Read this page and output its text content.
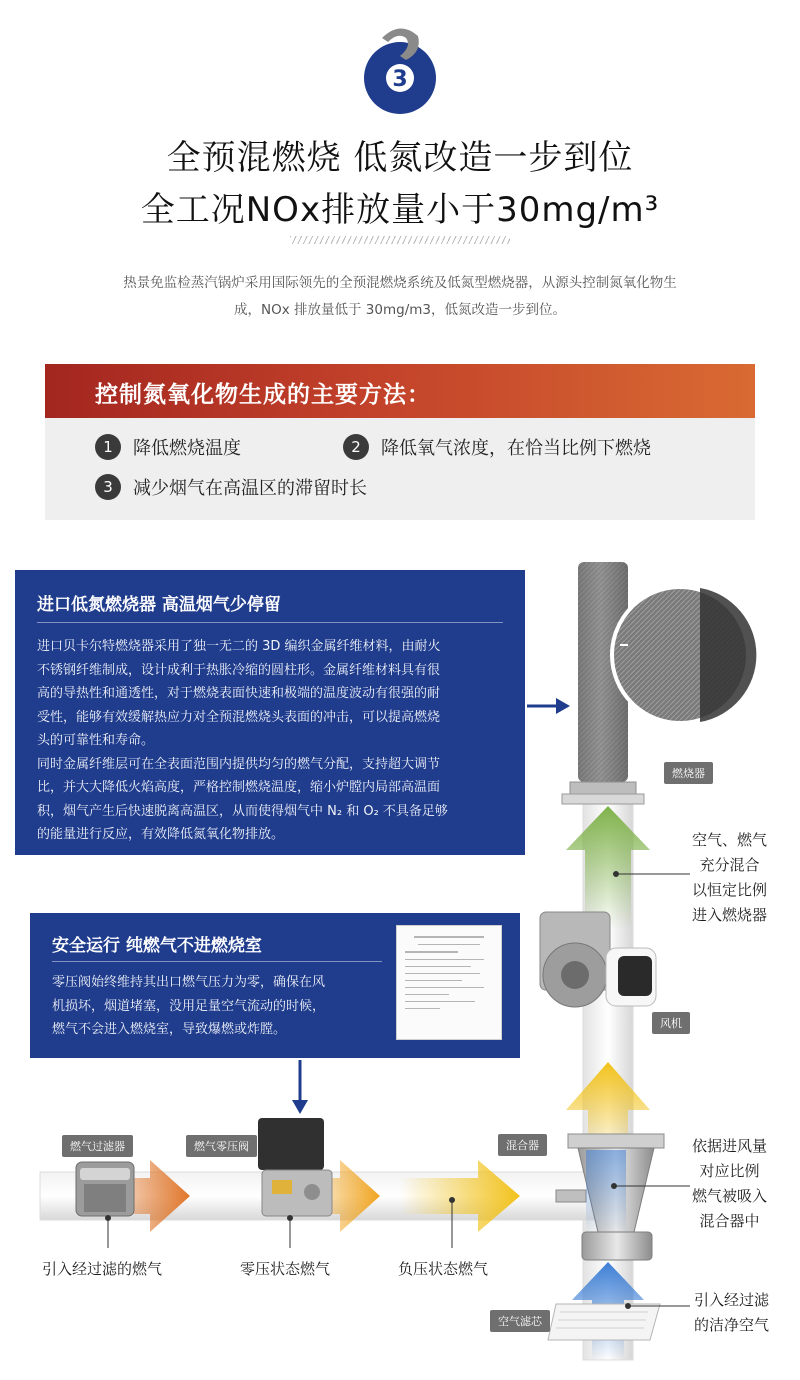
3
全预混燃烧 低氮改造一步到位
全工况NOx排放量小于30mg/m³
热景免监检蒸汽锅炉采用国际领先的全预混燃烧系统及低氮型燃烧器，从源头控制氮氧化物生
成，NOx 排放量低于 30mg/m3，低氮改造一步到位。
控制氮氧化物生成的主要方法：
1	降低燃烧温度	2	降低氧气浓度，在恰当比例下燃烧
3	减少烟气在高温区的滞留时长
进口低氮燃烧器 高温烟气少停留
进口贝卡尔特燃烧器采用了独一无二的 3D 编织金属纤维材料，由耐火
不锈钢纤维制成，设计成利于热胀冷缩的圆柱形。金属纤维材料具有很
高的导热性和通透性，对于燃烧表面快速和极端的温度波动有很强的耐
受性，能够有效缓解热应力对全预混燃烧头表面的冲击，可以提高燃烧
头的可靠性和寿命。
同时金属纤维层可在全表面范围内提供均匀的燃气分配，支持超大调节
比，并大大降低火焰高度，严格控制燃烧温度，缩小炉膛内局部高温面
积，烟气产生后快速脱离高温区，从而使得烟气中 N₂ 和 O₂ 不具备足够
的能量进行反应，有效降低氮氧化物排放。
安全运行 纯燃气不进燃烧室
零压阀始终维持其出口燃气压力为零，确保在风
机损坏，烟道堵塞，没用足量空气流动的时候，
燃气不会进入燃烧室，导致爆燃或炸膛。
燃烧器
风机
混合器
燃气过滤器	燃气零压阀
空气滤芯
空气、燃气
充分混合
以恒定比例
进入燃烧器
依据进风量
对应比例
燃气被吸入
混合器中
引入经过滤
的洁净空气
引入经过滤的燃气	零压状态燃气	负压状态燃气
